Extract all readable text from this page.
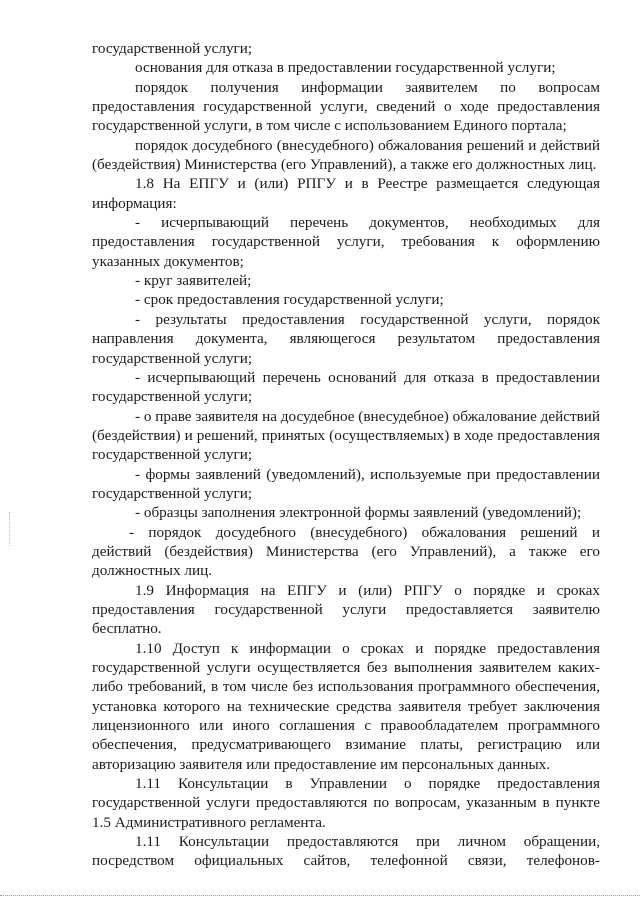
государственной услуги;

основания для отказа в предоставлении государственной услуги;

порядок получения информации заявителем по вопросам предоставления государственной услуги, сведений о ходе предоставления государственной услуги, в том числе с использованием Единого портала;

порядок досудебного (внесудебного) обжалования решений и действий (бездействия) Министерства (его Управлений), а также его должностных лиц.

1.8 На ЕПГУ и (или) РПГУ и в Реестре размещается следующая информация:

- исчерпывающий перечень документов, необходимых для предоставления государственной услуги, требования к оформлению указанных документов;

- круг заявителей;

- срок предоставления государственной услуги;

- результаты предоставления государственной услуги, порядок направления документа, являющегося результатом предоставления государственной услуги;

- исчерпывающий перечень оснований для отказа в предоставлении государственной услуги;

- о праве заявителя на досудебное (внесудебное) обжалование действий (бездействия) и решений, принятых (осуществляемых) в ходе предоставления государственной услуги;

- формы заявлений (уведомлений), используемые при предоставлении государственной услуги;

- образцы заполнения электронной формы заявлений (уведомлений);

- порядок досудебного (внесудебного) обжалования решений и действий (бездействия) Министерства (его Управлений), а также его должностных лиц.

1.9 Информация на ЕПГУ и (или) РПГУ о порядке и сроках предоставления государственной услуги предоставляется заявителю бесплатно.

1.10 Доступ к информации о сроках и порядке предоставления государственной услуги осуществляется без выполнения заявителем каких-либо требований, в том числе без использования программного обеспечения, установка которого на технические средства заявителя требует заключения лицензионного или иного соглашения с правообладателем программного обеспечения, предусматривающего взимание платы, регистрацию или авторизацию заявителя или предоставление им персональных данных.

1.11 Консультации в Управлении о порядке предоставления государственной услуги предоставляются по вопросам, указанным в пункте 1.5 Административного регламента.

1.11 Консультации предоставляются при личном обращении, посредством официальных сайтов, телефонной связи, телефонов-
